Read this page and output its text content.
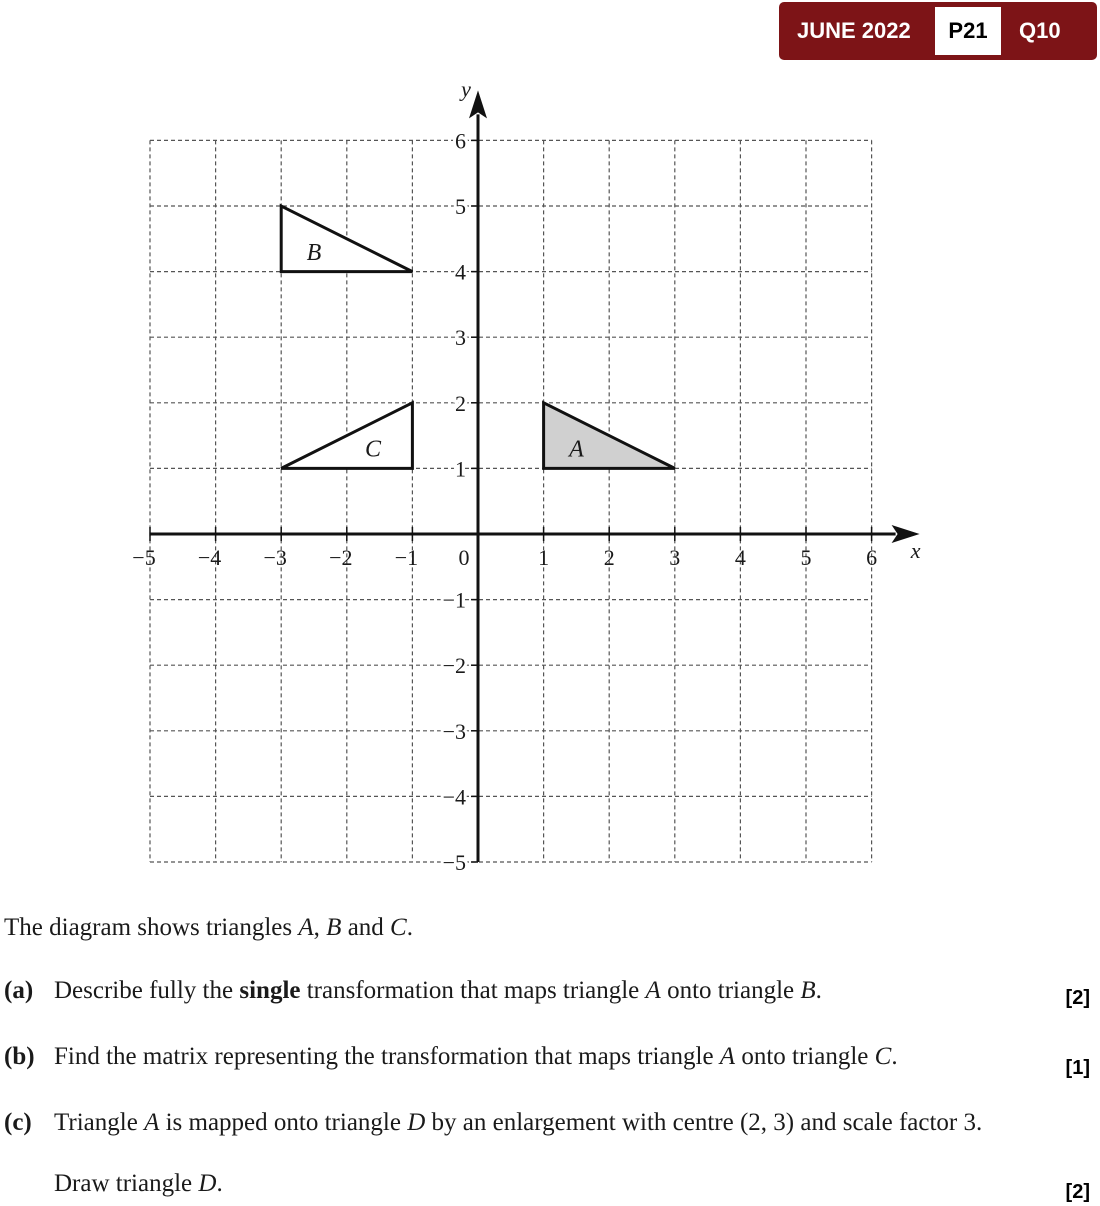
JUNE 2022	P21	Q10
x
y
−5 −4 −3 −2 −1 0	1 2 3 4 5 6
1
2
3
4
5
6
−1
−2
−3
−4
−5
A
B
C
The diagram shows triangles A, B and C.
(a) Describe fully the single transformation that maps triangle A onto triangle B.	[2]
(b) Find the matrix representing the transformation that maps triangle A onto triangle C.	[1]
(c) Triangle A is mapped onto triangle D by an enlargement with centre (2, 3) and scale factor 3.
Draw triangle D.	[2]
